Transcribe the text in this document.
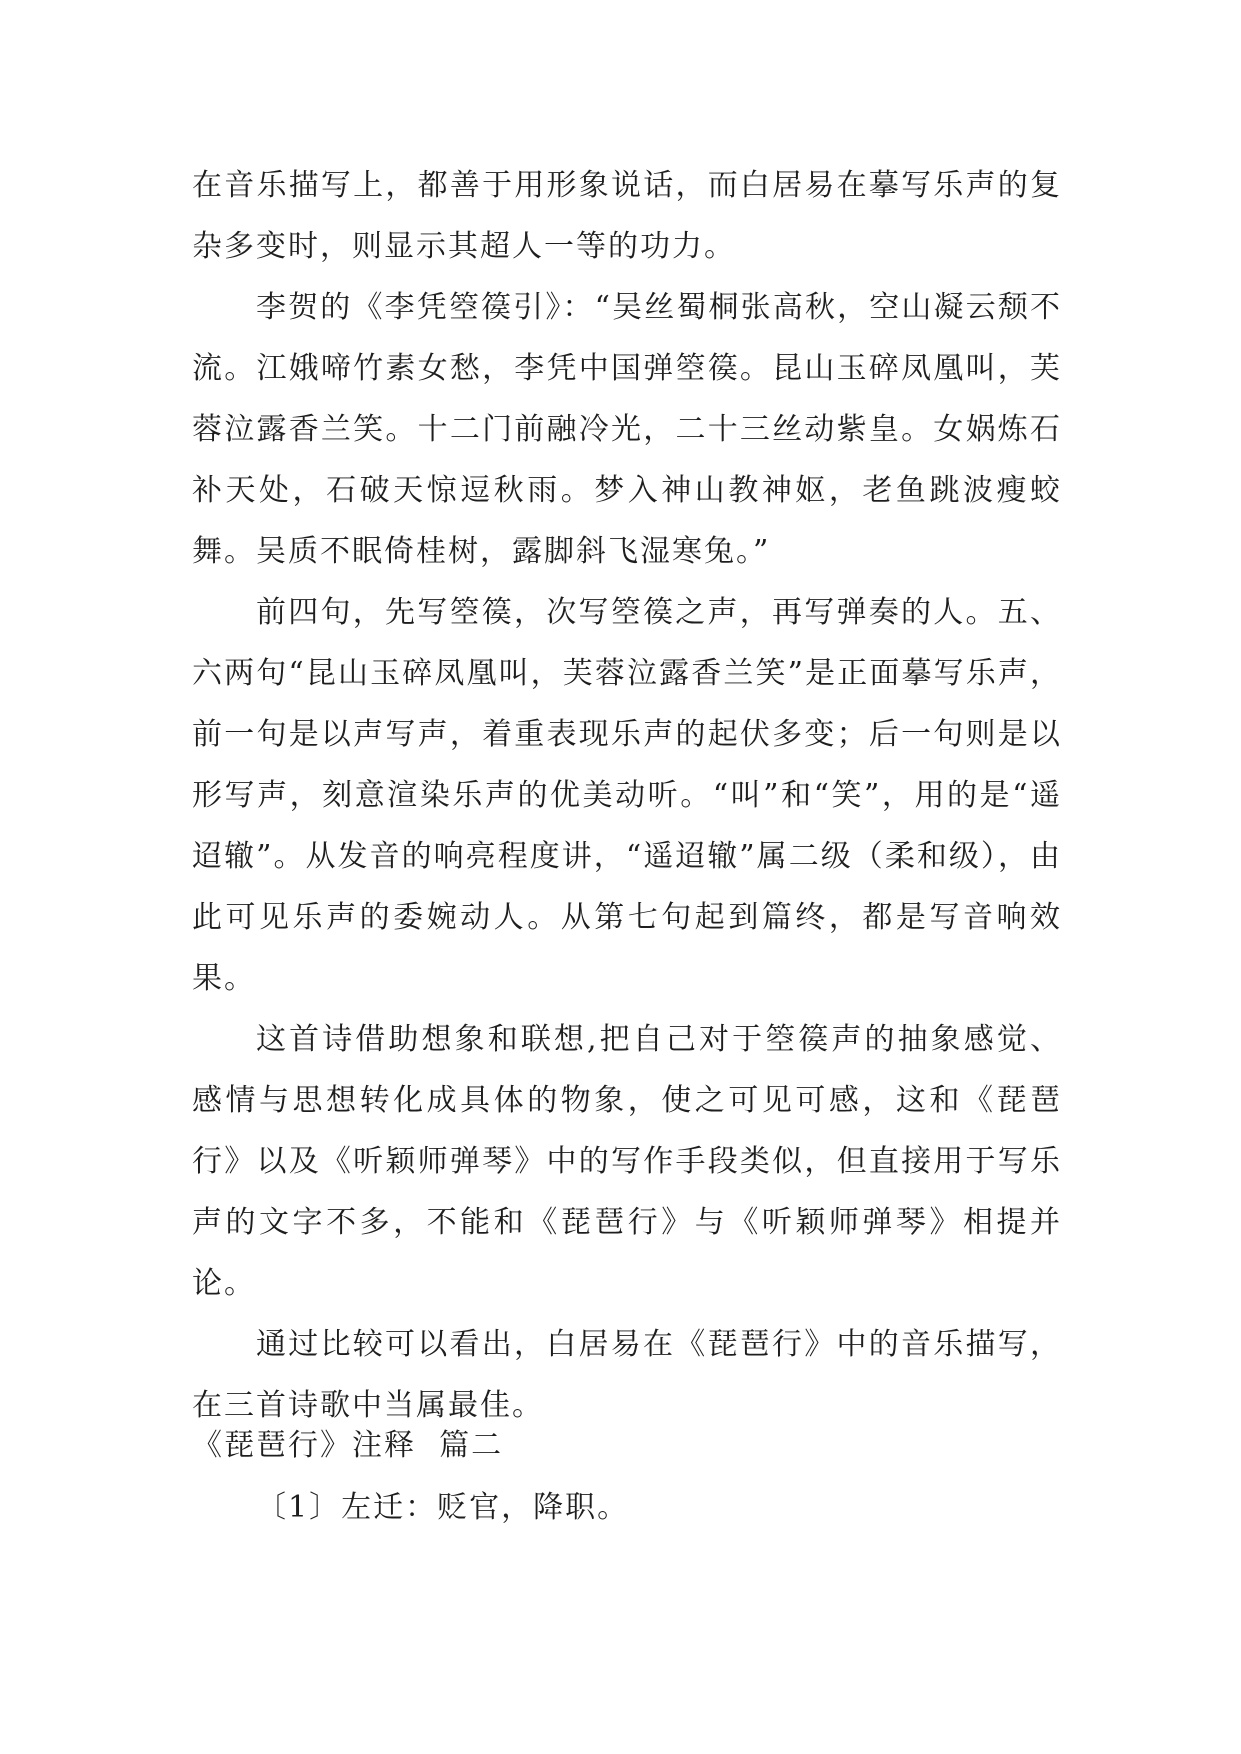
在音乐描写上，都善于用形象说话，而白居易在摹写乐声的复杂多变时，则显示其超人一等的功力。

李贺的《李凭箜篌引》：“吴丝蜀桐张高秋，空山凝云颓不流。江娥啼竹素女愁，李凭中国弹箜篌。昆山玉碎凤凰叫，芙蓉泣露香兰笑。十二门前融冷光，二十三丝动紫皇。女娲炼石补天处，石破天惊逗秋雨。梦入神山教神妪，老鱼跳波瘦蛟舞。吴质不眠倚桂树，露脚斜飞湿寒兔。”

前四句，先写箜篌，次写箜篌之声，再写弹奏的人。五、六两句“昆山玉碎凤凰叫，芙蓉泣露香兰笑”是正面摹写乐声，前一句是以声写声，着重表现乐声的起伏多变；后一句则是以形写声，刻意渲染乐声的优美动听。“叫”和“笑”，用的是“遥迢辙”。从发音的响亮程度讲，“遥迢辙”属二级（柔和级），由此可见乐声的委婉动人。从第七句起到篇终，都是写音响效果。

这首诗借助想象和联想,把自己对于箜篌声的抽象感觉、感情与思想转化成具体的物象，使之可见可感，这和《琵琶行》以及《听颖师弹琴》中的写作手段类似，但直接用于写乐声的文字不多，不能和《琵琶行》与《听颖师弹琴》相提并论。

通过比较可以看出，白居易在《琵琶行》中的音乐描写，在三首诗歌中当属最佳。

《琵琶行》注释  篇二

〔1〕左迁：贬官，降职。
